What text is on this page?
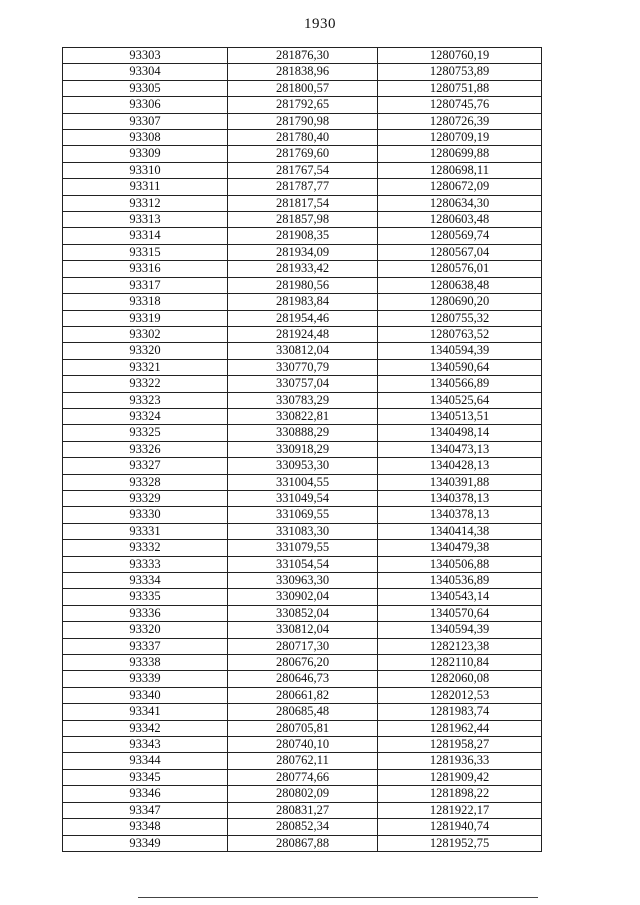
1930
93303	281876,30	1280760,19
93304	281838,96	1280753,89
93305	281800,57	1280751,88
93306	281792,65	1280745,76
93307	281790,98	1280726,39
93308	281780,40	1280709,19
93309	281769,60	1280699,88
93310	281767,54	1280698,11
93311	281787,77	1280672,09
93312	281817,54	1280634,30
93313	281857,98	1280603,48
93314	281908,35	1280569,74
93315	281934,09	1280567,04
93316	281933,42	1280576,01
93317	281980,56	1280638,48
93318	281983,84	1280690,20
93319	281954,46	1280755,32
93302	281924,48	1280763,52
93320	330812,04	1340594,39
93321	330770,79	1340590,64
93322	330757,04	1340566,89
93323	330783,29	1340525,64
93324	330822,81	1340513,51
93325	330888,29	1340498,14
93326	330918,29	1340473,13
93327	330953,30	1340428,13
93328	331004,55	1340391,88
93329	331049,54	1340378,13
93330	331069,55	1340378,13
93331	331083,30	1340414,38
93332	331079,55	1340479,38
93333	331054,54	1340506,88
93334	330963,30	1340536,89
93335	330902,04	1340543,14
93336	330852,04	1340570,64
93320	330812,04	1340594,39
93337	280717,30	1282123,38
93338	280676,20	1282110,84
93339	280646,73	1282060,08
93340	280661,82	1282012,53
93341	280685,48	1281983,74
93342	280705,81	1281962,44
93343	280740,10	1281958,27
93344	280762,11	1281936,33
93345	280774,66	1281909,42
93346	280802,09	1281898,22
93347	280831,27	1281922,17
93348	280852,34	1281940,74
93349	280867,88	1281952,75
